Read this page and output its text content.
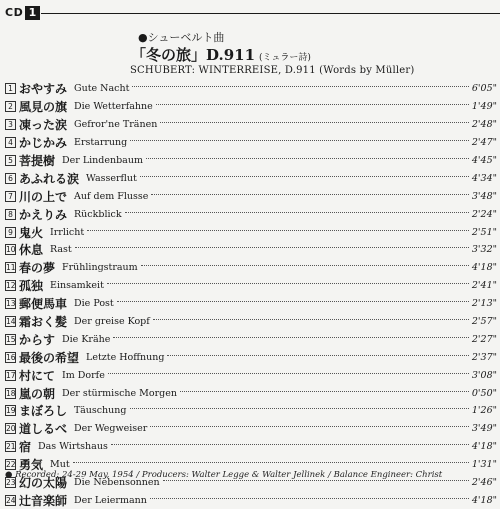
CD 1
●シューベルト曲
「冬の旅」D.911 (ミュラー詩)
SCHUBERT: WINTERREISE, D.911 (Words by Müller)
1 おやすみ Gute Nacht	6'05"
2 風見の旗 Die Wetterfahne	1'49"
3 凍った涙 Gefror'ne Tränen	2'48"
4 かじかみ Erstarrung	2'47"
5 菩提樹 Der Lindenbaum	4'45"
6 あふれる涙 Wasserflut	4'34"
7 川の上で Auf dem Flusse	3'48"
8 かえりみ Rückblick	2'24"
9 鬼火 Irrlicht	2'51"
10 休息 Rast	3'32"
11 春の夢 Frühlingstraum	4'18"
12 孤独 Einsamkeit	2'41"
13 郵便馬車 Die Post	2'13"
14 霜おく髪 Der greise Kopf	2'57"
15 からす Die Krähe	2'27"
16 最後の希望 Letzte Hoffnung	2'37"
17 村にて Im Dorfe	3'08"
18 嵐の朝 Der stürmische Morgen	0'50"
19 まぼろし Täuschung	1'26"
20 道しるべ Der Wegweiser	3'49"
21 宿 Das Wirtshaus	4'18"
22 勇気 Mut	1'31"
23 幻の太陽 Die Nebensonnen	2'46"
24 辻音楽師 Der Leiermann	4'18"
● Recorded: 24-29 May, 1954 / Producers: Walter Legge & Walter Jellinek / Balance Engineer: Christ
